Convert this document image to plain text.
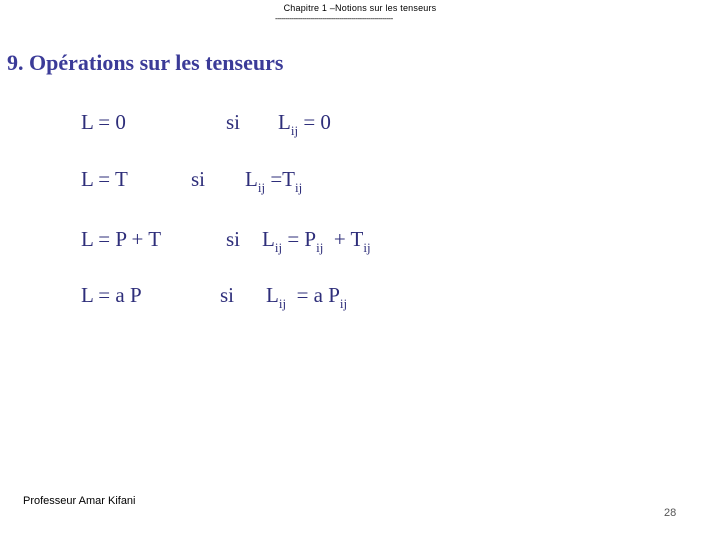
Chapitre 1 –Notions sur les tenseurs
---------------------------------------------------------
9. Opérations sur les tenseurs
L = 0	si $L_{ij} = 0$
L = T	si $L_{ij} =T_{ij}$
L = P + T	si $L_{ij} = P_{ij} + T_{ij}$
L = a P	si $L_{ij} = a$ $P_{ij}$
Professeur Amar Kifani
28
